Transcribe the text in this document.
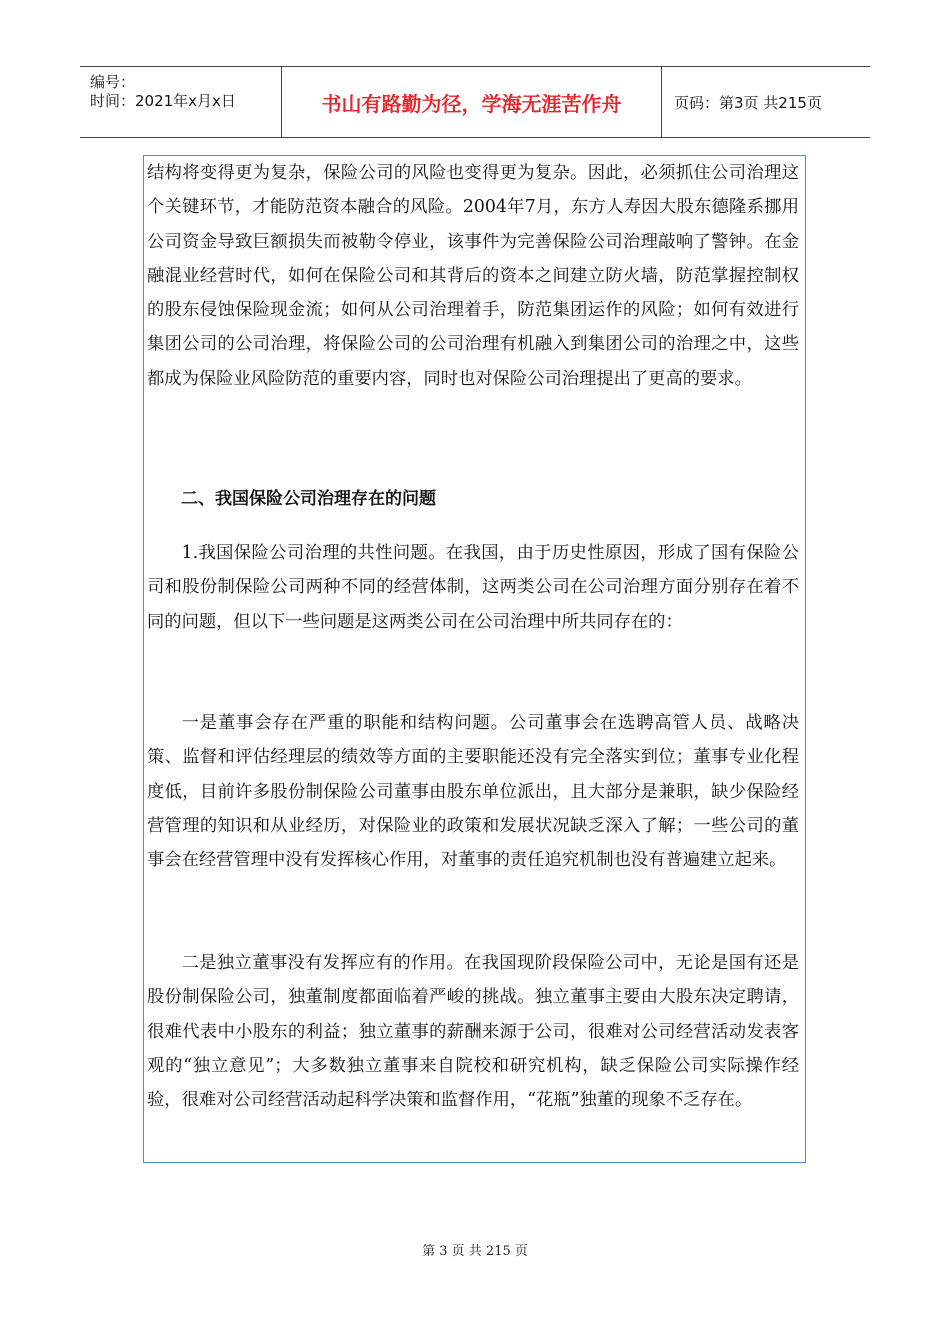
编号：
时间：2021年x月x日	书山有路勤为径，学海无涯苦作舟	页码：第3页 共215页

结构将变得更为复杂，保险公司的风险也变得更为复杂。因此，必须抓住公司治理这个关键环节，才能防范资本融合的风险。2004年7月，东方人寿因大股东德隆系挪用公司资金导致巨额损失而被勒令停业，该事件为完善保险公司治理敲响了警钟。在金融混业经营时代，如何在保险公司和其背后的资本之间建立防火墙，防范掌握控制权的股东侵蚀保险现金流；如何从公司治理着手，防范集团运作的风险；如何有效进行集团公司的公司治理，将保险公司的公司治理有机融入到集团公司的治理之中，这些都成为保险业风险防范的重要内容，同时也对保险公司治理提出了更高的要求。

二、我国保险公司治理存在的问题

1.我国保险公司治理的共性问题。在我国，由于历史性原因，形成了国有保险公司和股份制保险公司两种不同的经营体制，这两类公司在公司治理方面分别存在着不同的问题，但以下一些问题是这两类公司在公司治理中所共同存在的：

一是董事会存在严重的职能和结构问题。公司董事会在选聘高管人员、战略决策、监督和评估经理层的绩效等方面的主要职能还没有完全落实到位；董事专业化程度低，目前许多股份制保险公司董事由股东单位派出，且大部分是兼职，缺少保险经营管理的知识和从业经历，对保险业的政策和发展状况缺乏深入了解；一些公司的董事会在经营管理中没有发挥核心作用，对董事的责任追究机制也没有普遍建立起来。

二是独立董事没有发挥应有的作用。在我国现阶段保险公司中，无论是国有还是股份制保险公司，独董制度都面临着严峻的挑战。独立董事主要由大股东决定聘请，很难代表中小股东的利益；独立董事的薪酬来源于公司，很难对公司经营活动发表客观的“独立意见”；大多数独立董事来自院校和研究机构，缺乏保险公司实际操作经验，很难对公司经营活动起科学决策和监督作用，“花瓶”独董的现象不乏存在。

第 3 页 共 215 页
